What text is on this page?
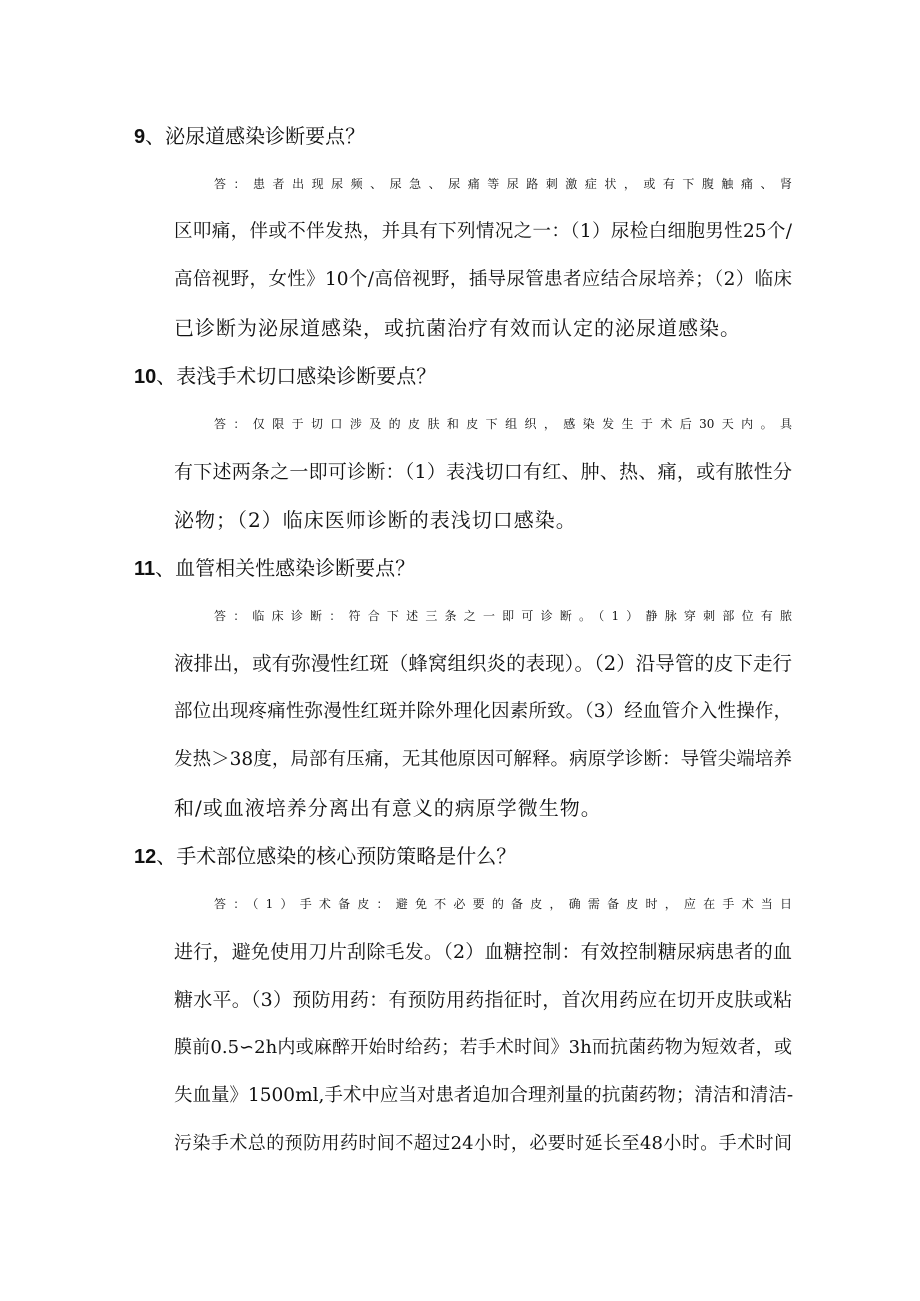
9、泌尿道感染诊断要点？

答：患者出现尿频、尿急、尿痛等尿路刺激症状，或有下腹触痛、肾
区叩痛，伴或不伴发热，并具有下列情况之一：（1）尿检白细胞男性25个/
高倍视野，女性》10个/高倍视野，插导尿管患者应结合尿培养；（2）临床
已诊断为泌尿道感染，或抗菌治疗有效而认定的泌尿道感染。

10、表浅手术切口感染诊断要点？

答：仅限于切口涉及的皮肤和皮下组织，感染发生于术后30天内。具
有下述两条之一即可诊断：（1）表浅切口有红、肿、热、痛，或有脓性分
泌物；（2）临床医师诊断的表浅切口感染。

11、血管相关性感染诊断要点？

答：临床诊断：符合下述三条之一即可诊断。（1）静脉穿刺部位有脓
液排出，或有弥漫性红斑（蜂窝组织炎的表现）。（2）沿导管的皮下走行
部位出现疼痛性弥漫性红斑并除外理化因素所致。（3）经血管介入性操作，
发热＞38度，局部有压痛，无其他原因可解释。病原学诊断：导管尖端培养
和/或血液培养分离出有意义的病原学微生物。

12、手术部位感染的核心预防策略是什么？

答：（1）手术备皮：避免不必要的备皮，确需备皮时，应在手术当日
进行，避免使用刀片刮除毛发。（2）血糖控制：有效控制糖尿病患者的血
糖水平。（3）预防用药：有预防用药指征时，首次用药应在切开皮肤或粘
膜前0.5∽2h内或麻醉开始时给药；若手术时间》3h而抗菌药物为短效者，或
失血量》1500ml,手术中应当对患者追加合理剂量的抗菌药物；清洁和清洁-
污染手术总的预防用药时间不超过24小时，必要时延长至48小时。手术时间
